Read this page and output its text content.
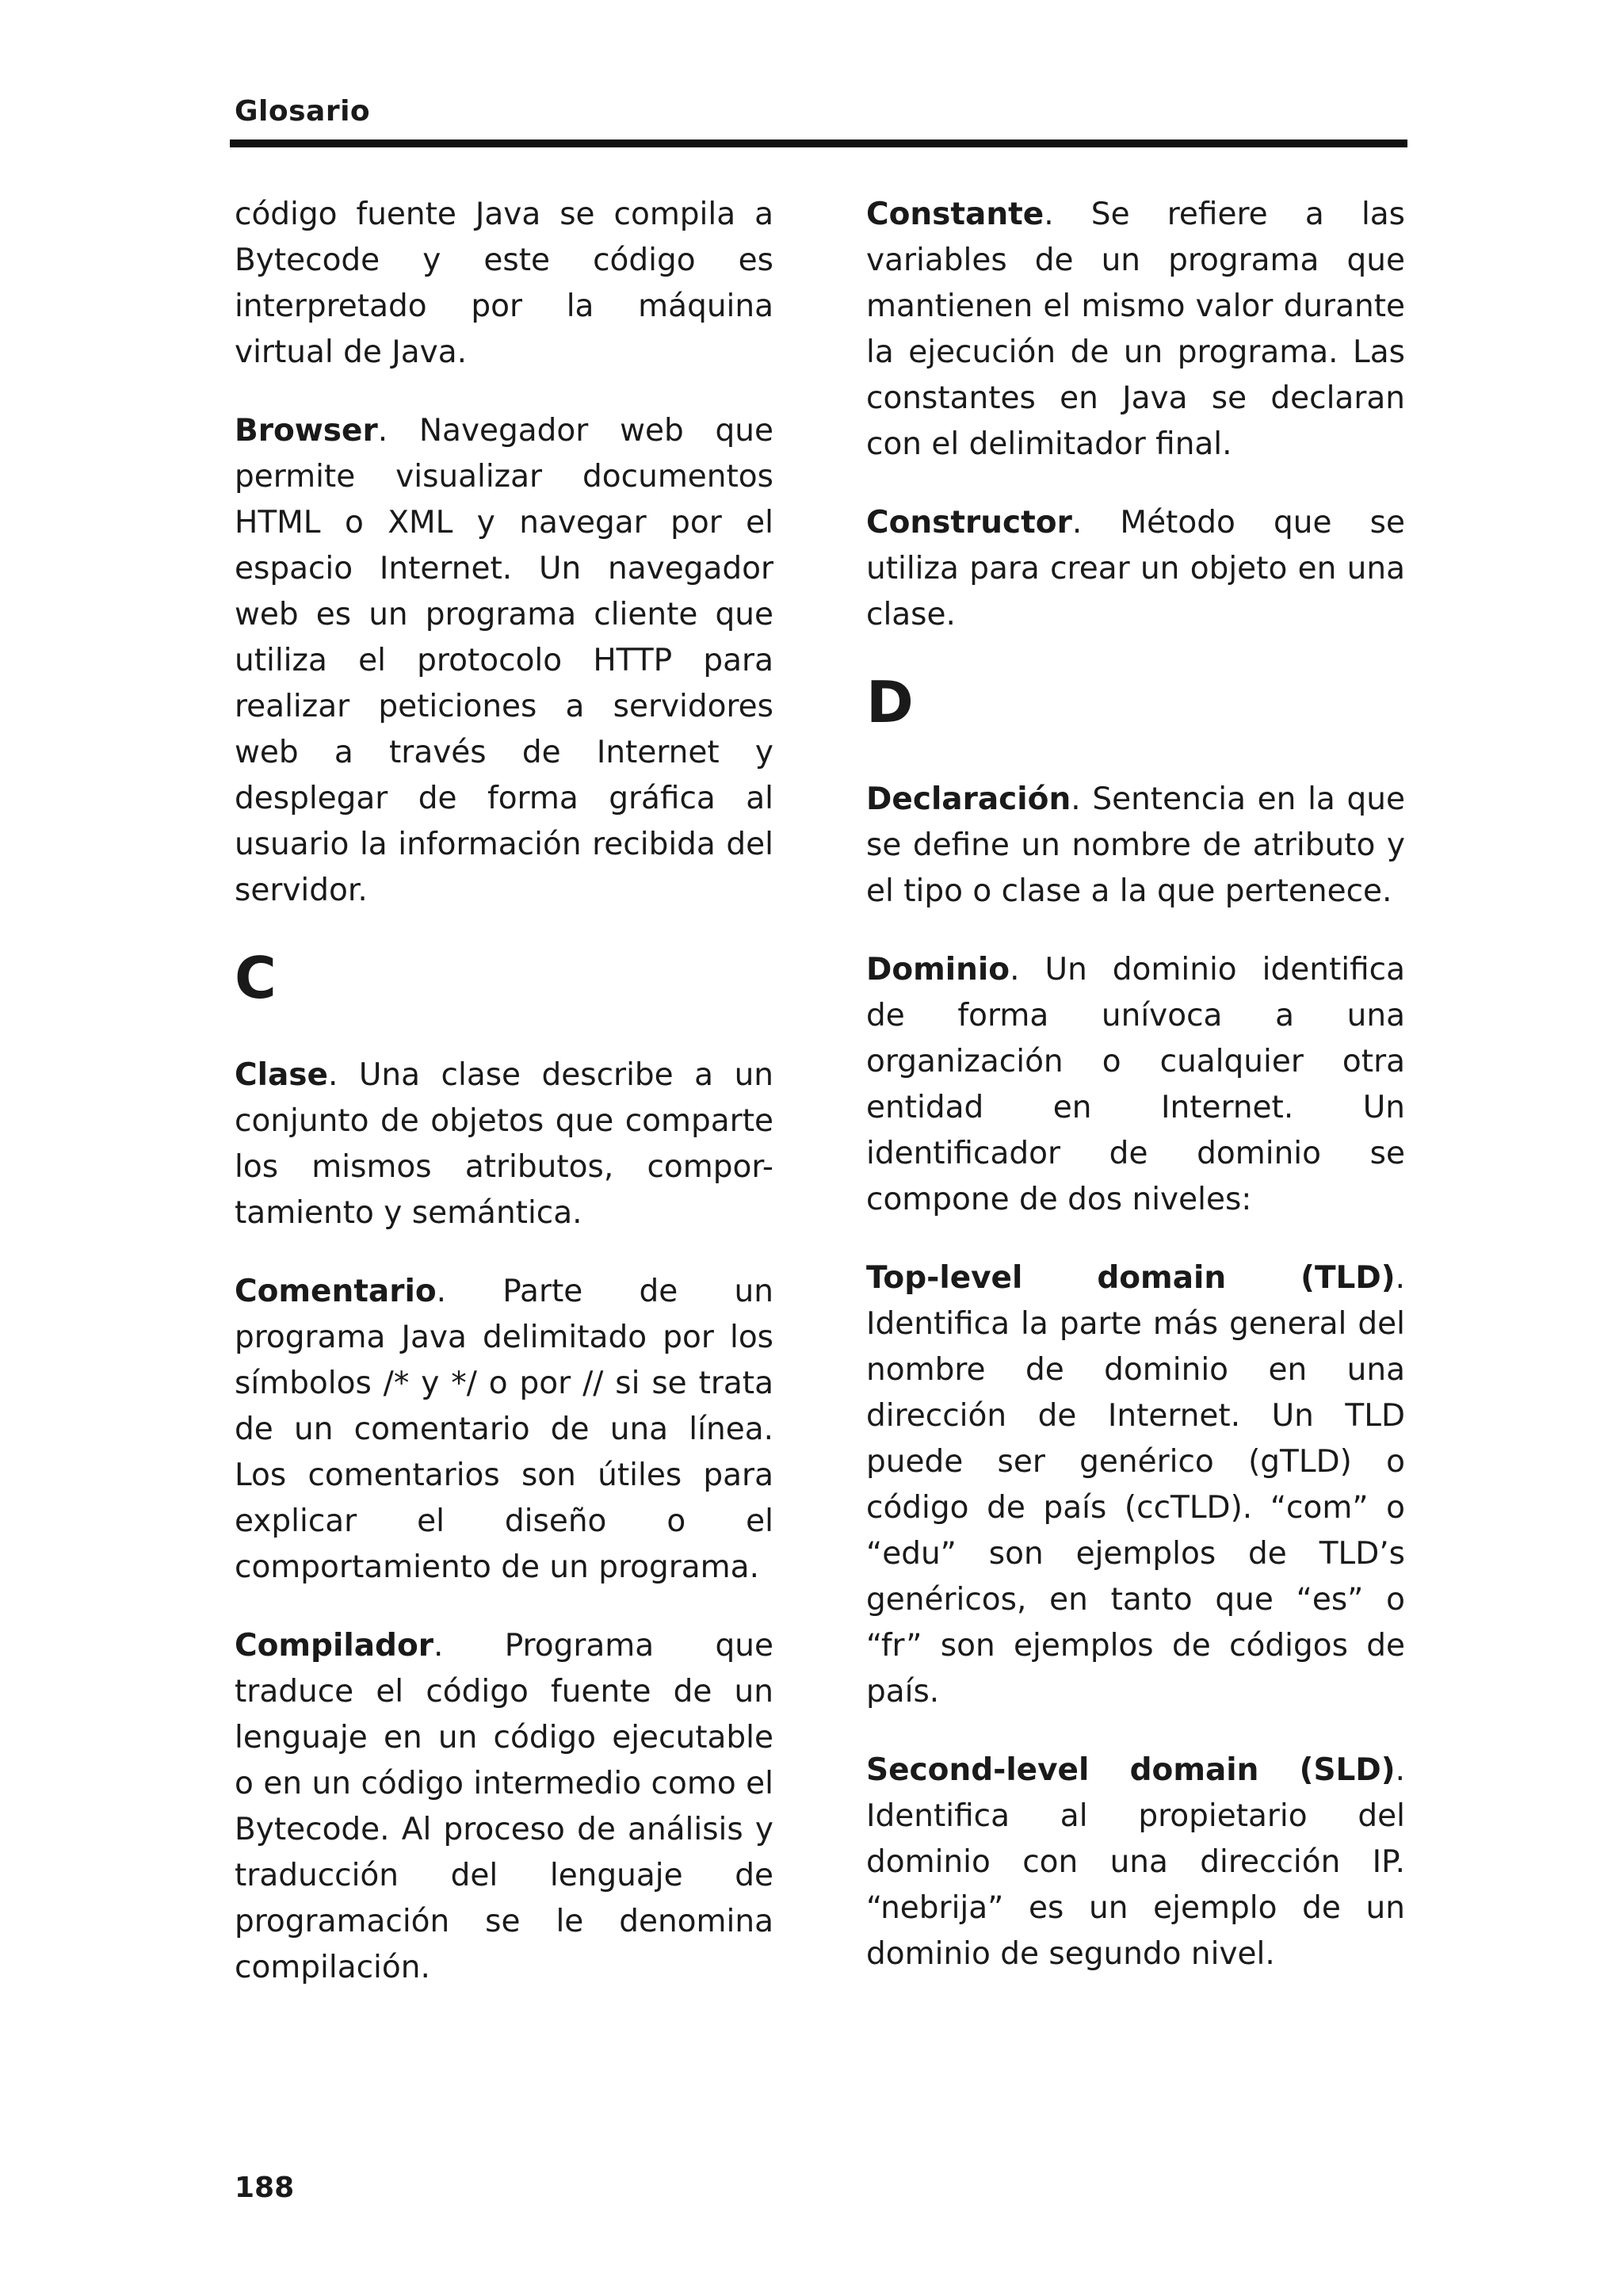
Glosario

código fuente Java se compila a Bytecode y este código es interpretado por la máquina virtual de Java.

Browser. Navegador web que permite visualizar documentos HTML o XML y navegar por el espacio Internet. Un navegador web es un programa cliente que utiliza el protocolo HTTP para realizar peticiones a servidores web a través de Internet y desplegar de forma gráfica al usuario la información recibida del servidor.

C

Clase. Una clase describe a un conjunto de objetos que comparte los mismos atributos, compor-tamiento y semántica.

Comentario. Parte de un programa Java delimitado por los símbolos /* y */ o por // si se trata de un comentario de una línea. Los comentarios son útiles para explicar el diseño o el comportamiento de un programa.

Compilador. Programa que traduce el código fuente de un lenguaje en un código ejecutable o en un código intermedio como el Bytecode. Al proceso de análisis y traducción del lenguaje de programación se le denomina compilación.

Constante. Se refiere a las variables de un programa que mantienen el mismo valor durante la ejecución de un programa. Las constantes en Java se declaran con el delimitador final.

Constructor. Método que se utiliza para crear un objeto en una clase.

D

Declaración. Sentencia en la que se define un nombre de atributo y el tipo o clase a la que pertenece.

Dominio. Un dominio identifica de forma unívoca a una organización o cualquier otra entidad en Internet. Un identificador de dominio se compone de dos niveles:

Top-level domain (TLD). Identifica la parte más general del nombre de dominio en una dirección de Internet. Un TLD puede ser genérico (gTLD) o código de país (ccTLD). “com” o “edu” son ejemplos de TLD’s genéricos, en tanto que “es” o “fr” son ejemplos de códigos de país.

Second-level domain (SLD). Identifica al propietario del dominio con una dirección IP. “nebrija” es un ejemplo de un dominio de segundo nivel.

188
